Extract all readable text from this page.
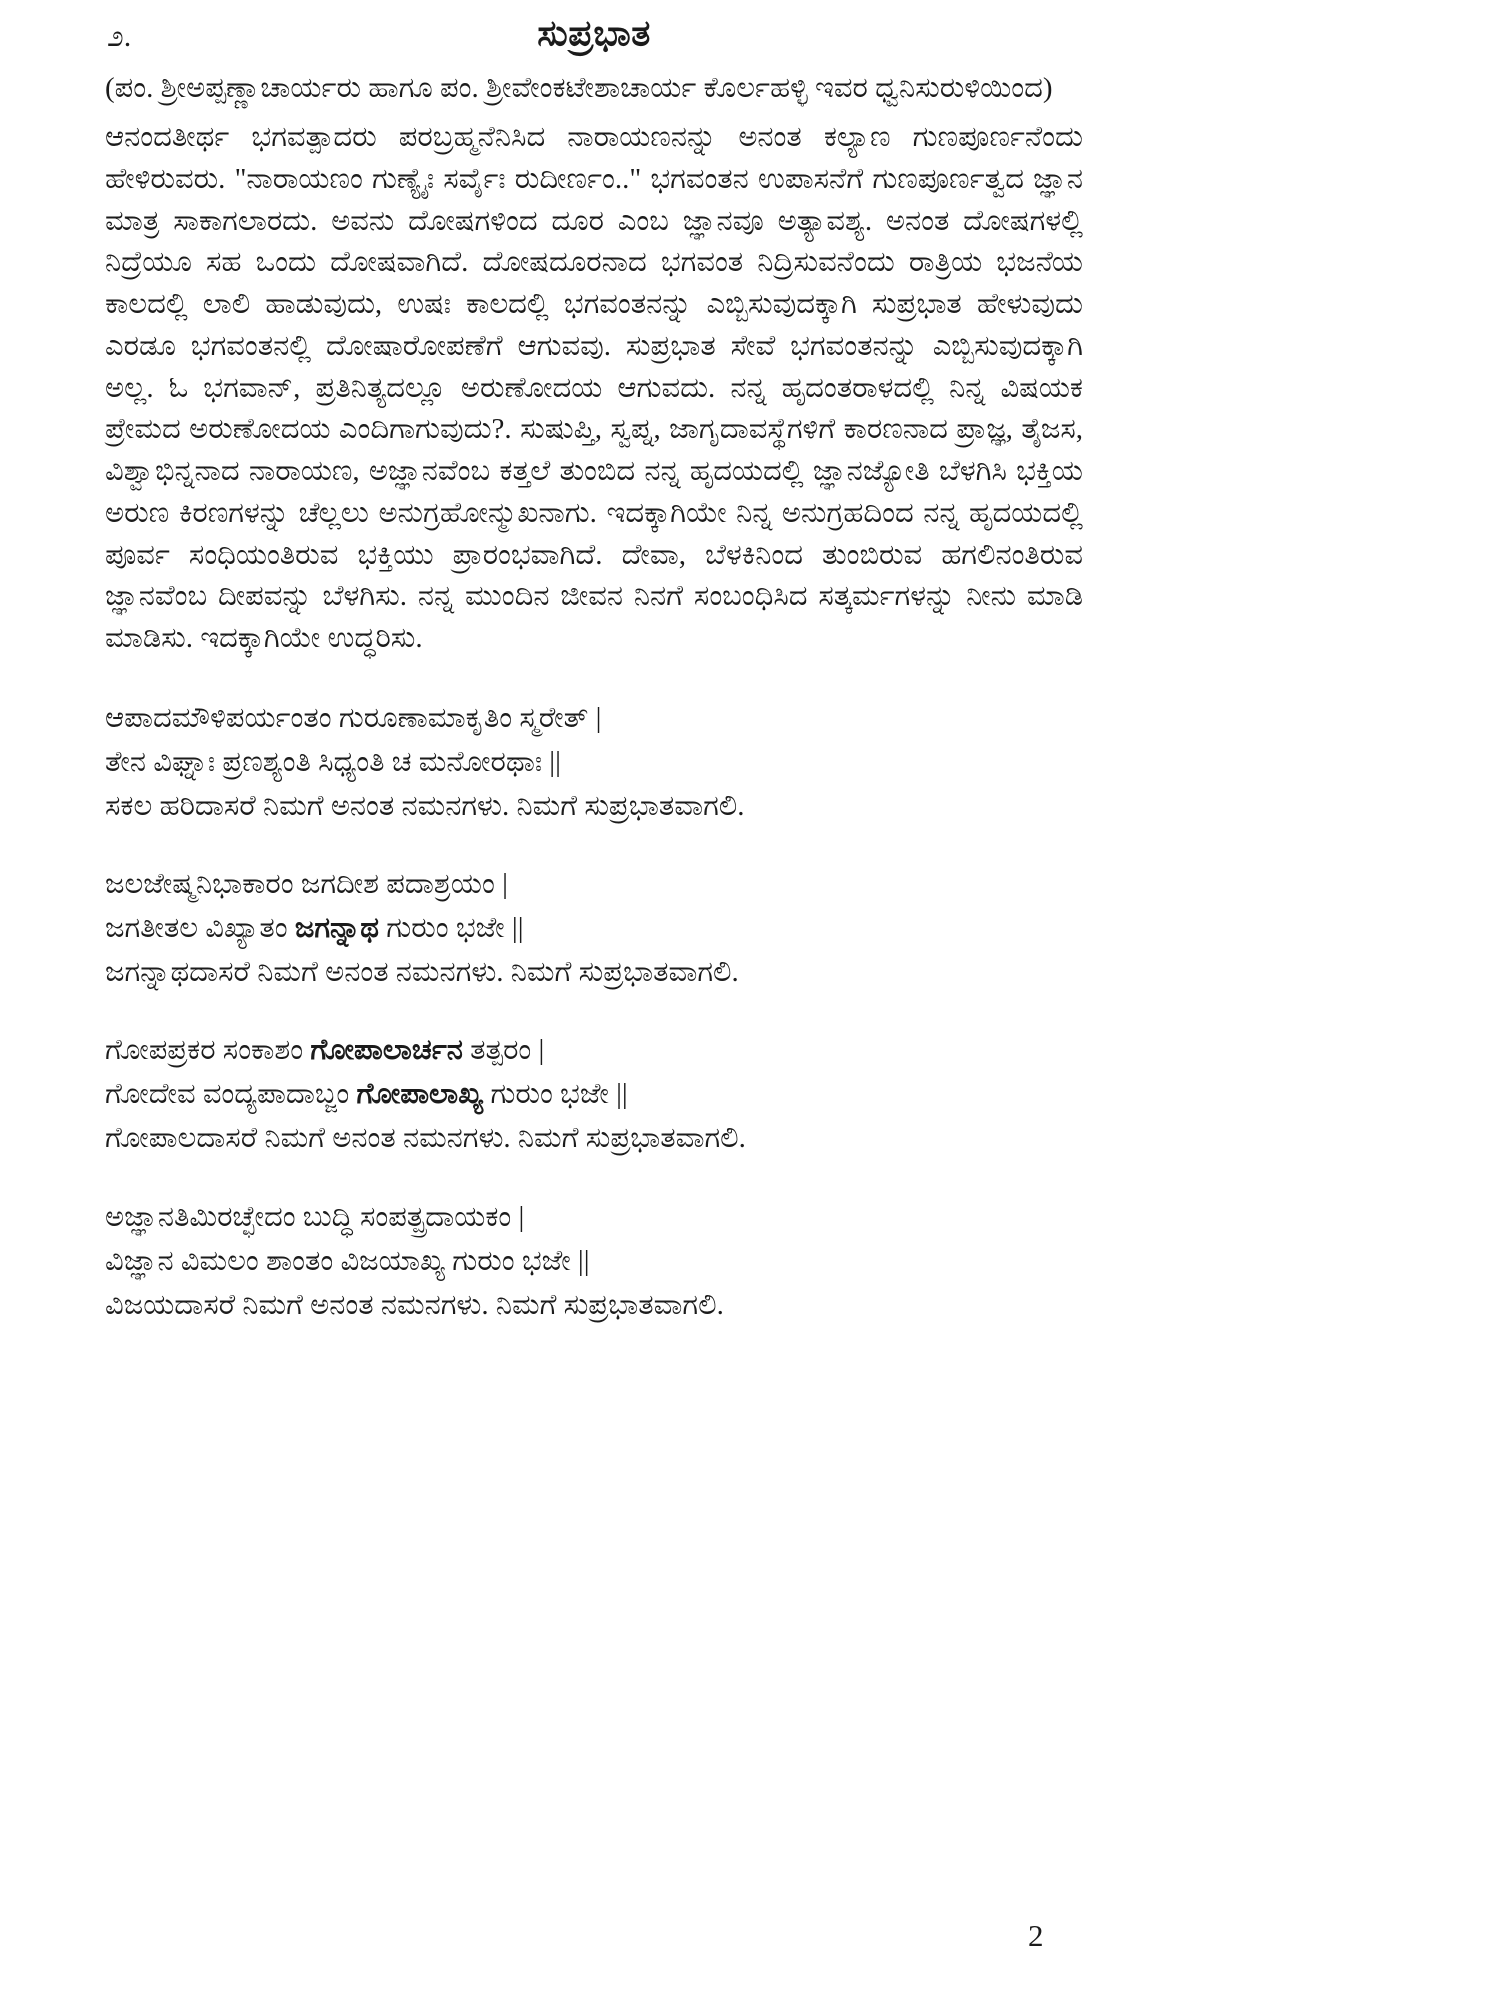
೨.	ಸುಪ್ರಭಾತ

(ಪಂ. ಶ್ರೀಅಪ್ಪಣ್ಣಾಚಾರ್ಯರು ಹಾಗೂ ಪಂ. ಶ್ರೀವೇಂಕಟೇಶಾಚಾರ್ಯ ಕೊರ್ಲಹಳ್ಳಿ ಇವರ ಧ್ವನಿಸುರುಳಿಯಿಂದ)

ಆನಂದತೀರ್ಥ ಭಗವತ್ಪಾದರು ಪರಬ್ರಹ್ಮನೆನಿಸಿದ ನಾರಾಯಣನನ್ನು ಅನಂತ ಕಲ್ಯಾಣ ಗುಣಪೂರ್ಣನೆಂದು ಹೇಳಿರುವರು. "ನಾರಾಯಣಂ ಗುಣ್ಯೈಃ ಸರ್ವೈಃ ರುದೀರ್ಣಂ.." ಭಗವಂತನ ಉಪಾಸನೆಗೆ ಗುಣಪೂರ್ಣತ್ವದ ಜ್ಞಾನ ಮಾತ್ರ ಸಾಕಾಗಲಾರದು. ಅವನು ದೋಷಗಳಿಂದ ದೂರ ಎಂಬ ಜ್ಞಾನವೂ ಅತ್ಯಾವಶ್ಯ. ಅನಂತ ದೋಷಗಳಲ್ಲಿ ನಿದ್ರೆಯೂ ಸಹ ಒಂದು ದೋಷವಾಗಿದೆ. ದೋಷದೂರನಾದ ಭಗವಂತ ನಿದ್ರಿಸುವನೆಂದು ರಾತ್ರಿಯ ಭಜನೆಯ ಕಾಲದಲ್ಲಿ ಲಾಲಿ ಹಾಡುವುದು, ಉಷಃ ಕಾಲದಲ್ಲಿ ಭಗವಂತನನ್ನು ಎಬ್ಬಿಸುವುದಕ್ಕಾಗಿ ಸುಪ್ರಭಾತ ಹೇಳುವುದು ಎರಡೂ ಭಗವಂತನಲ್ಲಿ ದೋಷಾರೋಪಣೆಗೆ ಆಗುವವು. ಸುಪ್ರಭಾತ ಸೇವೆ ಭಗವಂತನನ್ನು ಎಬ್ಬಿಸುವುದಕ್ಕಾಗಿ ಅಲ್ಲ. ಓ ಭಗವಾನ್, ಪ್ರತಿನಿತ್ಯದಲ್ಲೂ ಅರುಣೋದಯ ಆಗುವದು. ನನ್ನ ಹೃದಂತರಾಳದಲ್ಲಿ ನಿನ್ನ ವಿಷಯಕ ಪ್ರೇಮದ ಅರುಣೋದಯ ಎಂದಿಗಾಗುವುದು?. ಸುಷುಪ್ತಿ, ಸ್ವಪ್ನ, ಜಾಗೃದಾವಸ್ಥೆಗಳಿಗೆ ಕಾರಣನಾದ ಪ್ರಾಜ್ಞ, ತೈಜಸ, ವಿಶ್ವಾಭಿನ್ನನಾದ ನಾರಾಯಣ, ಅಜ್ಞಾನವೆಂಬ ಕತ್ತಲೆ ತುಂಬಿದ ನನ್ನ ಹೃದಯದಲ್ಲಿ ಜ್ಞಾನಜ್ಯೋತಿ ಬೆಳಗಿಸಿ ಭಕ್ತಿಯ ಅರುಣ ಕಿರಣಗಳನ್ನು ಚೆಲ್ಲಲು ಅನುಗ್ರಹೋನ್ಮುಖನಾಗು. ಇದಕ್ಕಾಗಿಯೇ ನಿನ್ನ ಅನುಗ್ರಹದಿಂದ ನನ್ನ ಹೃದಯದಲ್ಲಿ ಪೂರ್ವ ಸಂಧಿಯಂತಿರುವ ಭಕ್ತಿಯು ಪ್ರಾರಂಭವಾಗಿದೆ. ದೇವಾ, ಬೆಳಕಿನಿಂದ ತುಂಬಿರುವ ಹಗಲಿನಂತಿರುವ ಜ್ಞಾನವೆಂಬ ದೀಪವನ್ನು ಬೆಳಗಿಸು. ನನ್ನ ಮುಂದಿನ ಜೀವನ ನಿನಗೆ ಸಂಬಂಧಿಸಿದ ಸತ್ಕರ್ಮಗಳನ್ನು ನೀನು ಮಾಡಿ ಮಾಡಿಸು. ಇದಕ್ಕಾಗಿಯೇ ಉದ್ಧರಿಸು.

ಆಪಾದಮೌಳಿಪರ್ಯಂತಂ ಗುರೂಣಾಮಾಕೃತಿಂ ಸ್ಮರೇತ್ |

ತೇನ ವಿಘ್ನಾಃ ಪ್ರಣಶ್ಯಂತಿ ಸಿಧ್ಯಂತಿ ಚ ಮನೋರಥಾಃ ||

ಸಕಲ ಹರಿದಾಸರೆ ನಿಮಗೆ ಅನಂತ ನಮನಗಳು. ನಿಮಗೆ ಸುಪ್ರಭಾತವಾಗಲಿ.

ಜಲಜೇಷ್ಮನಿಭಾಕಾರಂ ಜಗದೀಶ ಪದಾಶ್ರಯಂ |

ಜಗತೀತಲ ವಿಖ್ಯಾತಂ ಜಗನ್ನಾಥ ಗುರುಂ ಭಜೇ ||

ಜಗನ್ನಾಥದಾಸರೆ ನಿಮಗೆ ಅನಂತ ನಮನಗಳು. ನಿಮಗೆ ಸುಪ್ರಭಾತವಾಗಲಿ.

ಗೋಪಪ್ರಕರ ಸಂಕಾಶಂ ಗೋಪಾಲಾರ್ಚನ ತತ್ಪರಂ |

ಗೋದೇವ ವಂದ್ಯಪಾದಾಬ್ಜಂ ಗೋಪಾಲಾಖ್ಯ ಗುರುಂ ಭಜೇ ||

ಗೋಪಾಲದಾಸರೆ ನಿಮಗೆ ಅನಂತ ನಮನಗಳು. ನಿಮಗೆ ಸುಪ್ರಭಾತವಾಗಲಿ.

ಅಜ್ಞಾನತಿಮಿರಚ್ಛೇದಂ ಬುದ್ಧಿ ಸಂಪತ್ಪ್ರದಾಯಕಂ |

ವಿಜ್ಞಾನ ವಿಮಲಂ ಶಾಂತಂ ವಿಜಯಾಖ್ಯ ಗುರುಂ ಭಜೇ ||

ವಿಜಯದಾಸರೆ ನಿಮಗೆ ಅನಂತ ನಮನಗಳು. ನಿಮಗೆ ಸುಪ್ರಭಾತವಾಗಲಿ.

2
